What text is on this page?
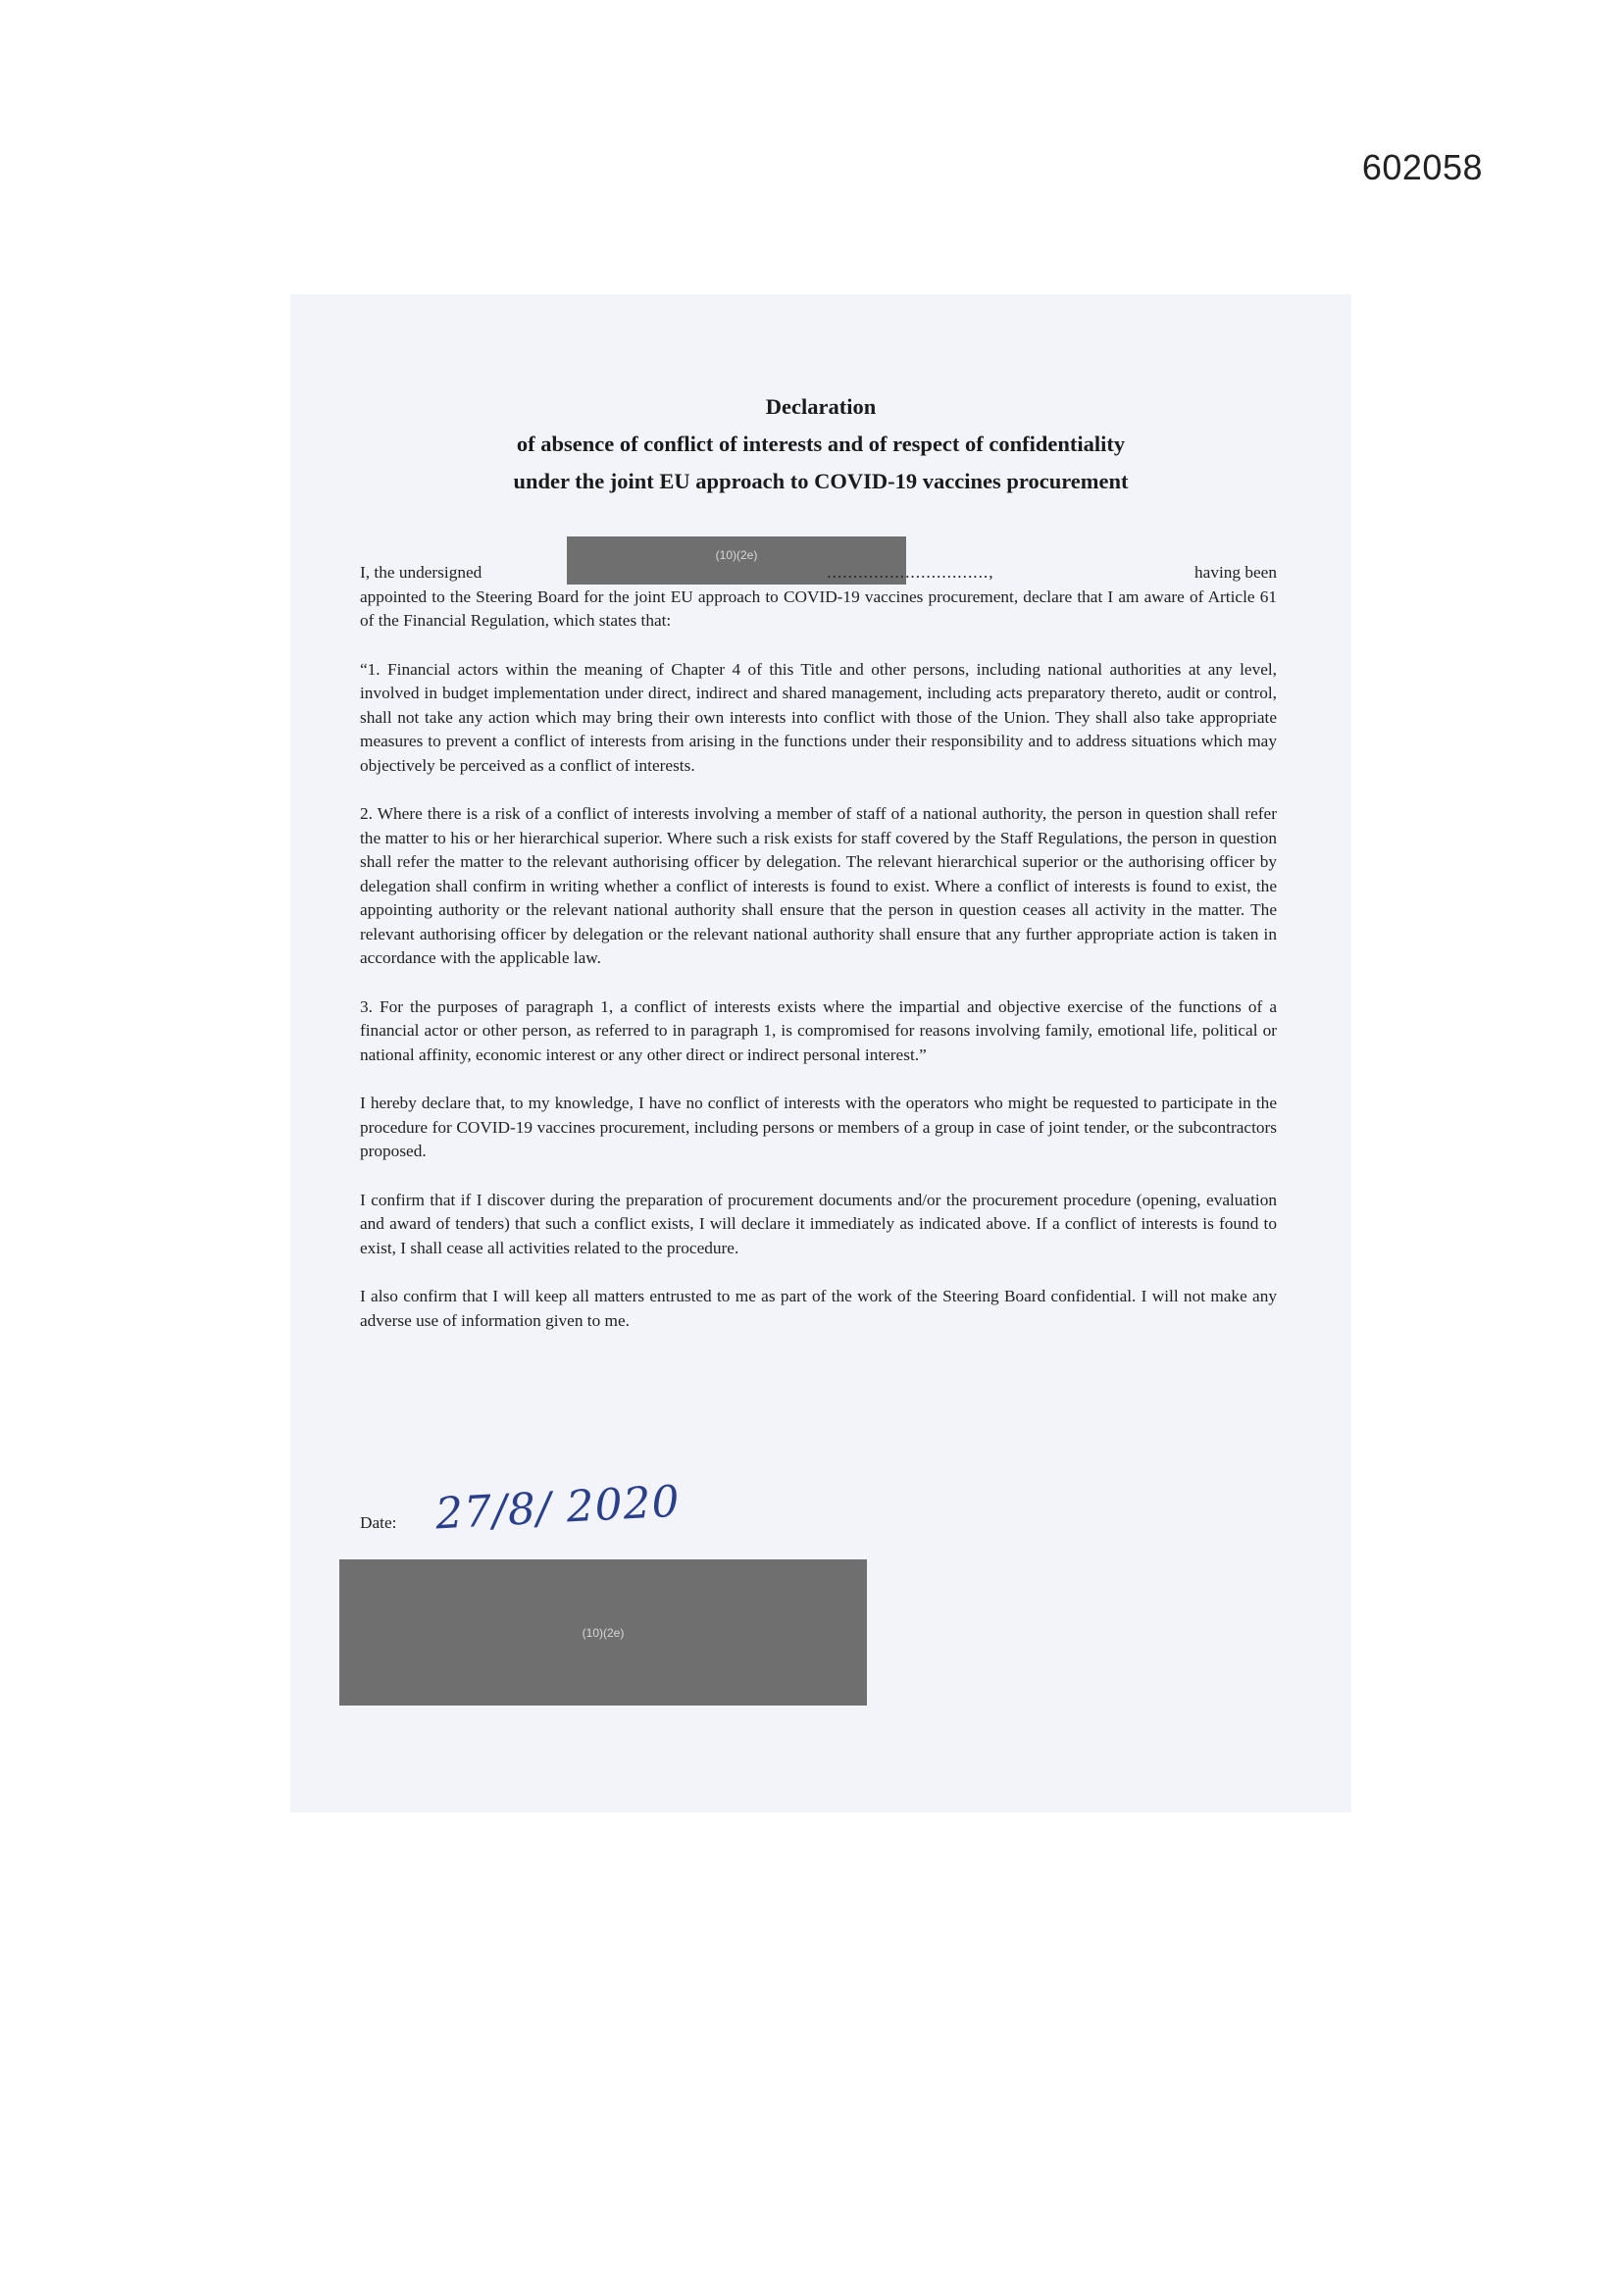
602058
Declaration
of absence of conflict of interests and of respect of confidentiality
under the joint EU approach to COVID-19 vaccines procurement
(10)(2e)

I, the undersigned	...............................,	having been
appointed to the Steering Board for the joint EU approach to COVID-19 vaccines procurement, declare that I am aware of Article 61 of the Financial Regulation, which states that:

“1. Financial actors within the meaning of Chapter 4 of this Title and other persons, including national authorities at any level, involved in budget implementation under direct, indirect and shared management, including acts preparatory thereto, audit or control, shall not take any action which may bring their own interests into conflict with those of the Union. They shall also take appropriate measures to prevent a conflict of interests from arising in the functions under their responsibility and to address situations which may objectively be perceived as a conflict of interests.

2. Where there is a risk of a conflict of interests involving a member of staff of a national authority, the person in question shall refer the matter to his or her hierarchical superior. Where such a risk exists for staff covered by the Staff Regulations, the person in question shall refer the matter to the relevant authorising officer by delegation. The relevant hierarchical superior or the authorising officer by delegation shall confirm in writing whether a conflict of interests is found to exist. Where a conflict of interests is found to exist, the appointing authority or the relevant national authority shall ensure that the person in question ceases all activity in the matter. The relevant authorising officer by delegation or the relevant national authority shall ensure that any further appropriate action is taken in accordance with the applicable law.

3. For the purposes of paragraph 1, a conflict of interests exists where the impartial and objective exercise of the functions of a financial actor or other person, as referred to in paragraph 1, is compromised for reasons involving family, emotional life, political or national affinity, economic interest or any other direct or indirect personal interest.”

I hereby declare that, to my knowledge, I have no conflict of interests with the operators who might be requested to participate in the procedure for COVID-19 vaccines procurement, including persons or members of a group in case of joint tender, or the subcontractors proposed.

I confirm that if I discover during the preparation of procurement documents and/or the procurement procedure (opening, evaluation and award of tenders) that such a conflict exists, I will declare it immediately as indicated above. If a conflict of interests is found to exist, I shall cease all activities related to the procedure.

I also confirm that I will keep all matters entrusted to me as part of the work of the Steering Board confidential. I will not make any adverse use of information given to me.

Date: 27/8/ 2020
(10)(2e)
